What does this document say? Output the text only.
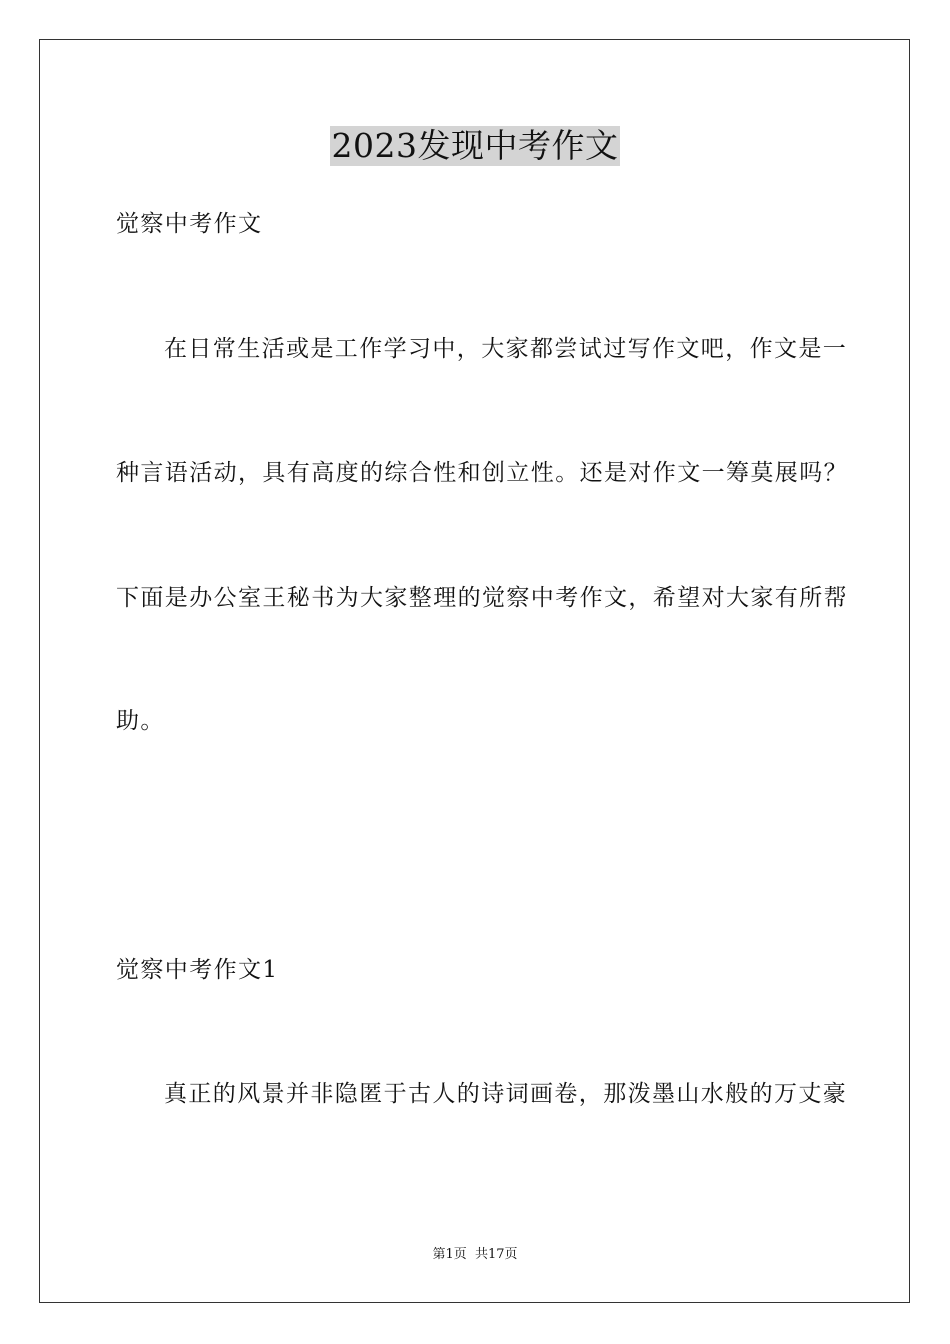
2023发现中考作文
觉察中考作文
在日常生活或是工作学习中，大家都尝试过写作文吧，作文是一
种言语活动，具有高度的综合性和创立性。还是对作文一筹莫展吗？
下面是办公室王秘书为大家整理的觉察中考作文，希望对大家有所帮
助。
觉察中考作文1
真正的风景并非隐匿于古人的诗词画卷，那泼墨山水般的万丈豪
第1页 共17页
